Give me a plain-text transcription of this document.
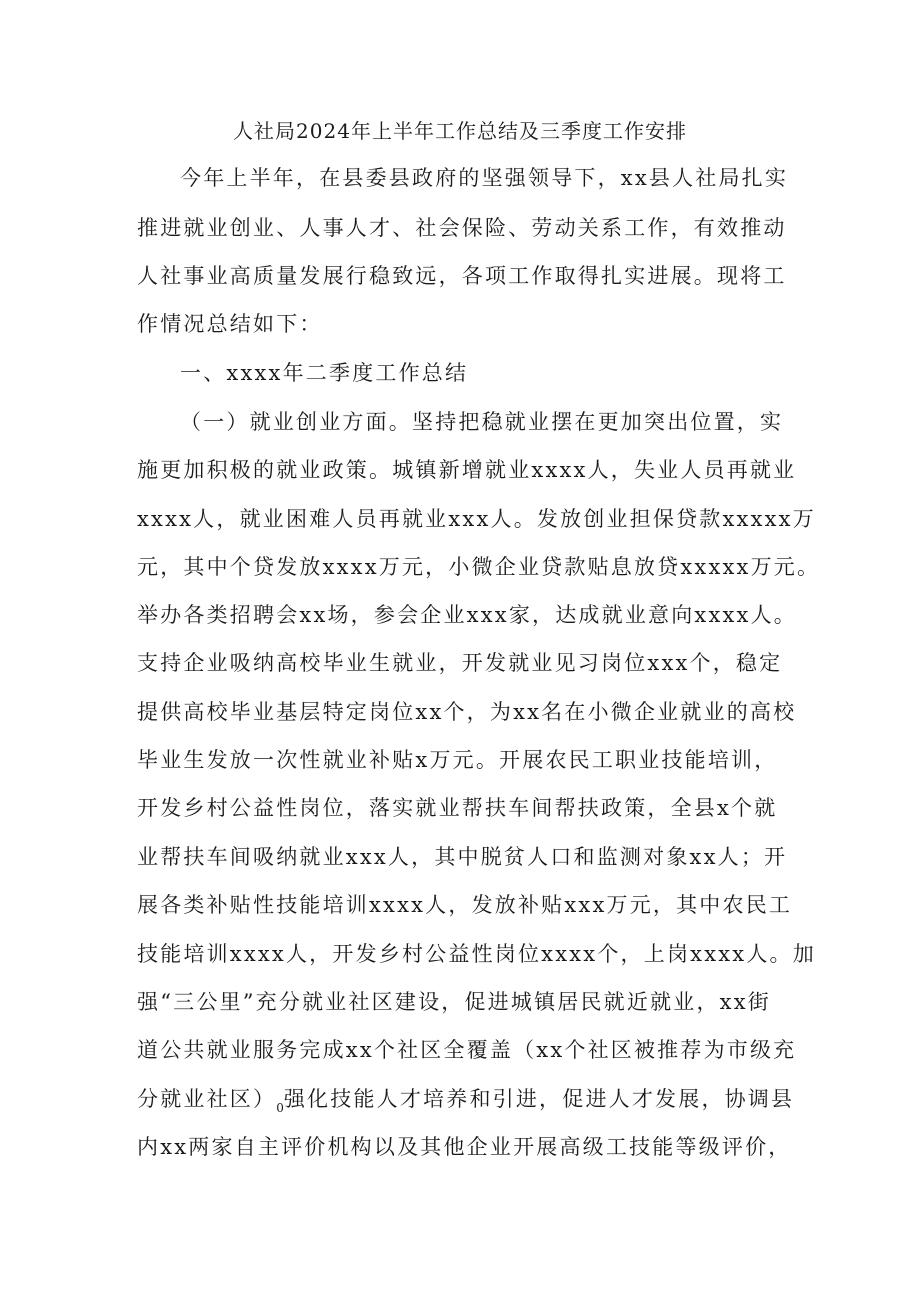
人社局2024年上半年工作总结及三季度工作安排
今年上半年，在县委县政府的坚强领导下，xx县人社局扎实
推进就业创业、人事人才、社会保险、劳动关系工作，有效推动
人社事业高质量发展行稳致远，各项工作取得扎实进展。现将工
作情况总结如下：
一、xxxx年二季度工作总结
（一）就业创业方面。坚持把稳就业摆在更加突出位置，实
施更加积极的就业政策。城镇新增就业xxxx人，失业人员再就业
xxxx人，就业困难人员再就业xxx人。发放创业担保贷款xxxxx万
元，其中个贷发放xxxx万元，小微企业贷款贴息放贷xxxxx万元。
举办各类招聘会xx场，参会企业xxx家，达成就业意向xxxx人。
支持企业吸纳高校毕业生就业，开发就业见习岗位xxx个，稳定
提供高校毕业基层特定岗位xx个，为xx名在小微企业就业的高校
毕业生发放一次性就业补贴x万元。开展农民工职业技能培训，
开发乡村公益性岗位，落实就业帮扶车间帮扶政策，全县x个就
业帮扶车间吸纳就业xxx人，其中脱贫人口和监测对象xx人；开
展各类补贴性技能培训xxxx人，发放补贴xxx万元，其中农民工
技能培训xxxx人，开发乡村公益性岗位xxxx个，上岗xxxx人。加
强“三公里”充分就业社区建设，促进城镇居民就近就业，xx街
道公共就业服务完成xx个社区全覆盖（xx个社区被推荐为市级充
分就业社区）$_0$强化技能人才培养和引进，促进人才发展，协调县
内xx两家自主评价机构以及其他企业开展高级工技能等级评价，
